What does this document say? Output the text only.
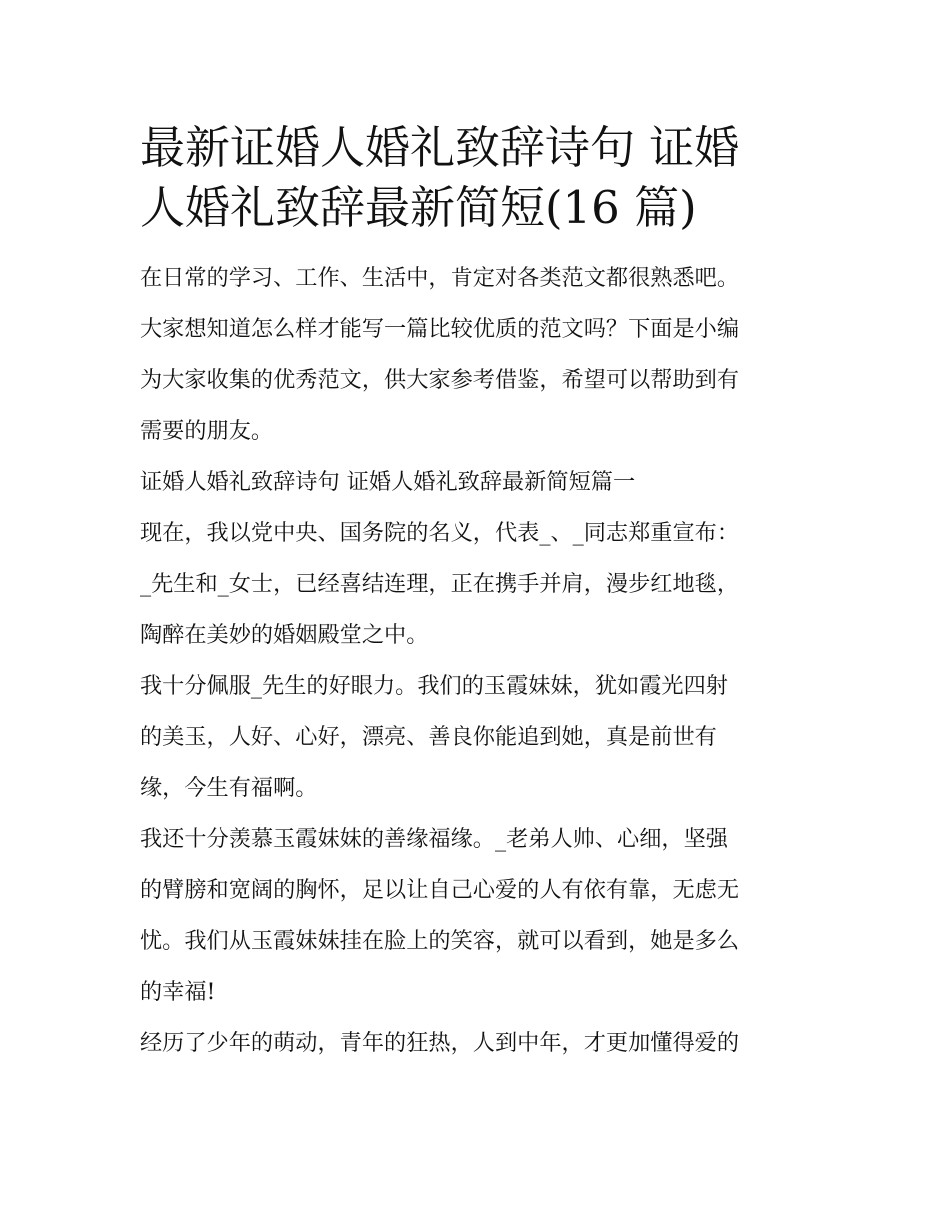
最新证婚人婚礼致辞诗句 证婚
人婚礼致辞最新简短(16 篇)

在日常的学习、工作、生活中，肯定对各类范文都很熟悉吧。
大家想知道怎么样才能写一篇比较优质的范文吗？下面是小编
为大家收集的优秀范文，供大家参考借鉴，希望可以帮助到有
需要的朋友。

证婚人婚礼致辞诗句 证婚人婚礼致辞最新简短篇一

现在，我以党中央、国务院的名义，代表_、_同志郑重宣布：
_先生和_女士，已经喜结连理，正在携手并肩，漫步红地毯，
陶醉在美妙的婚姻殿堂之中。

我十分佩服_先生的好眼力。我们的玉霞妹妹，犹如霞光四射
的美玉，人好、心好，漂亮、善良你能追到她，真是前世有
缘，今生有福啊。

我还十分羡慕玉霞妹妹的善缘福缘。_老弟人帅、心细，坚强
的臂膀和宽阔的胸怀，足以让自己心爱的人有依有靠，无虑无
忧。我们从玉霞妹妹挂在脸上的笑容，就可以看到，她是多么
的幸福!

经历了少年的萌动，青年的狂热，人到中年，才更加懂得爱的
